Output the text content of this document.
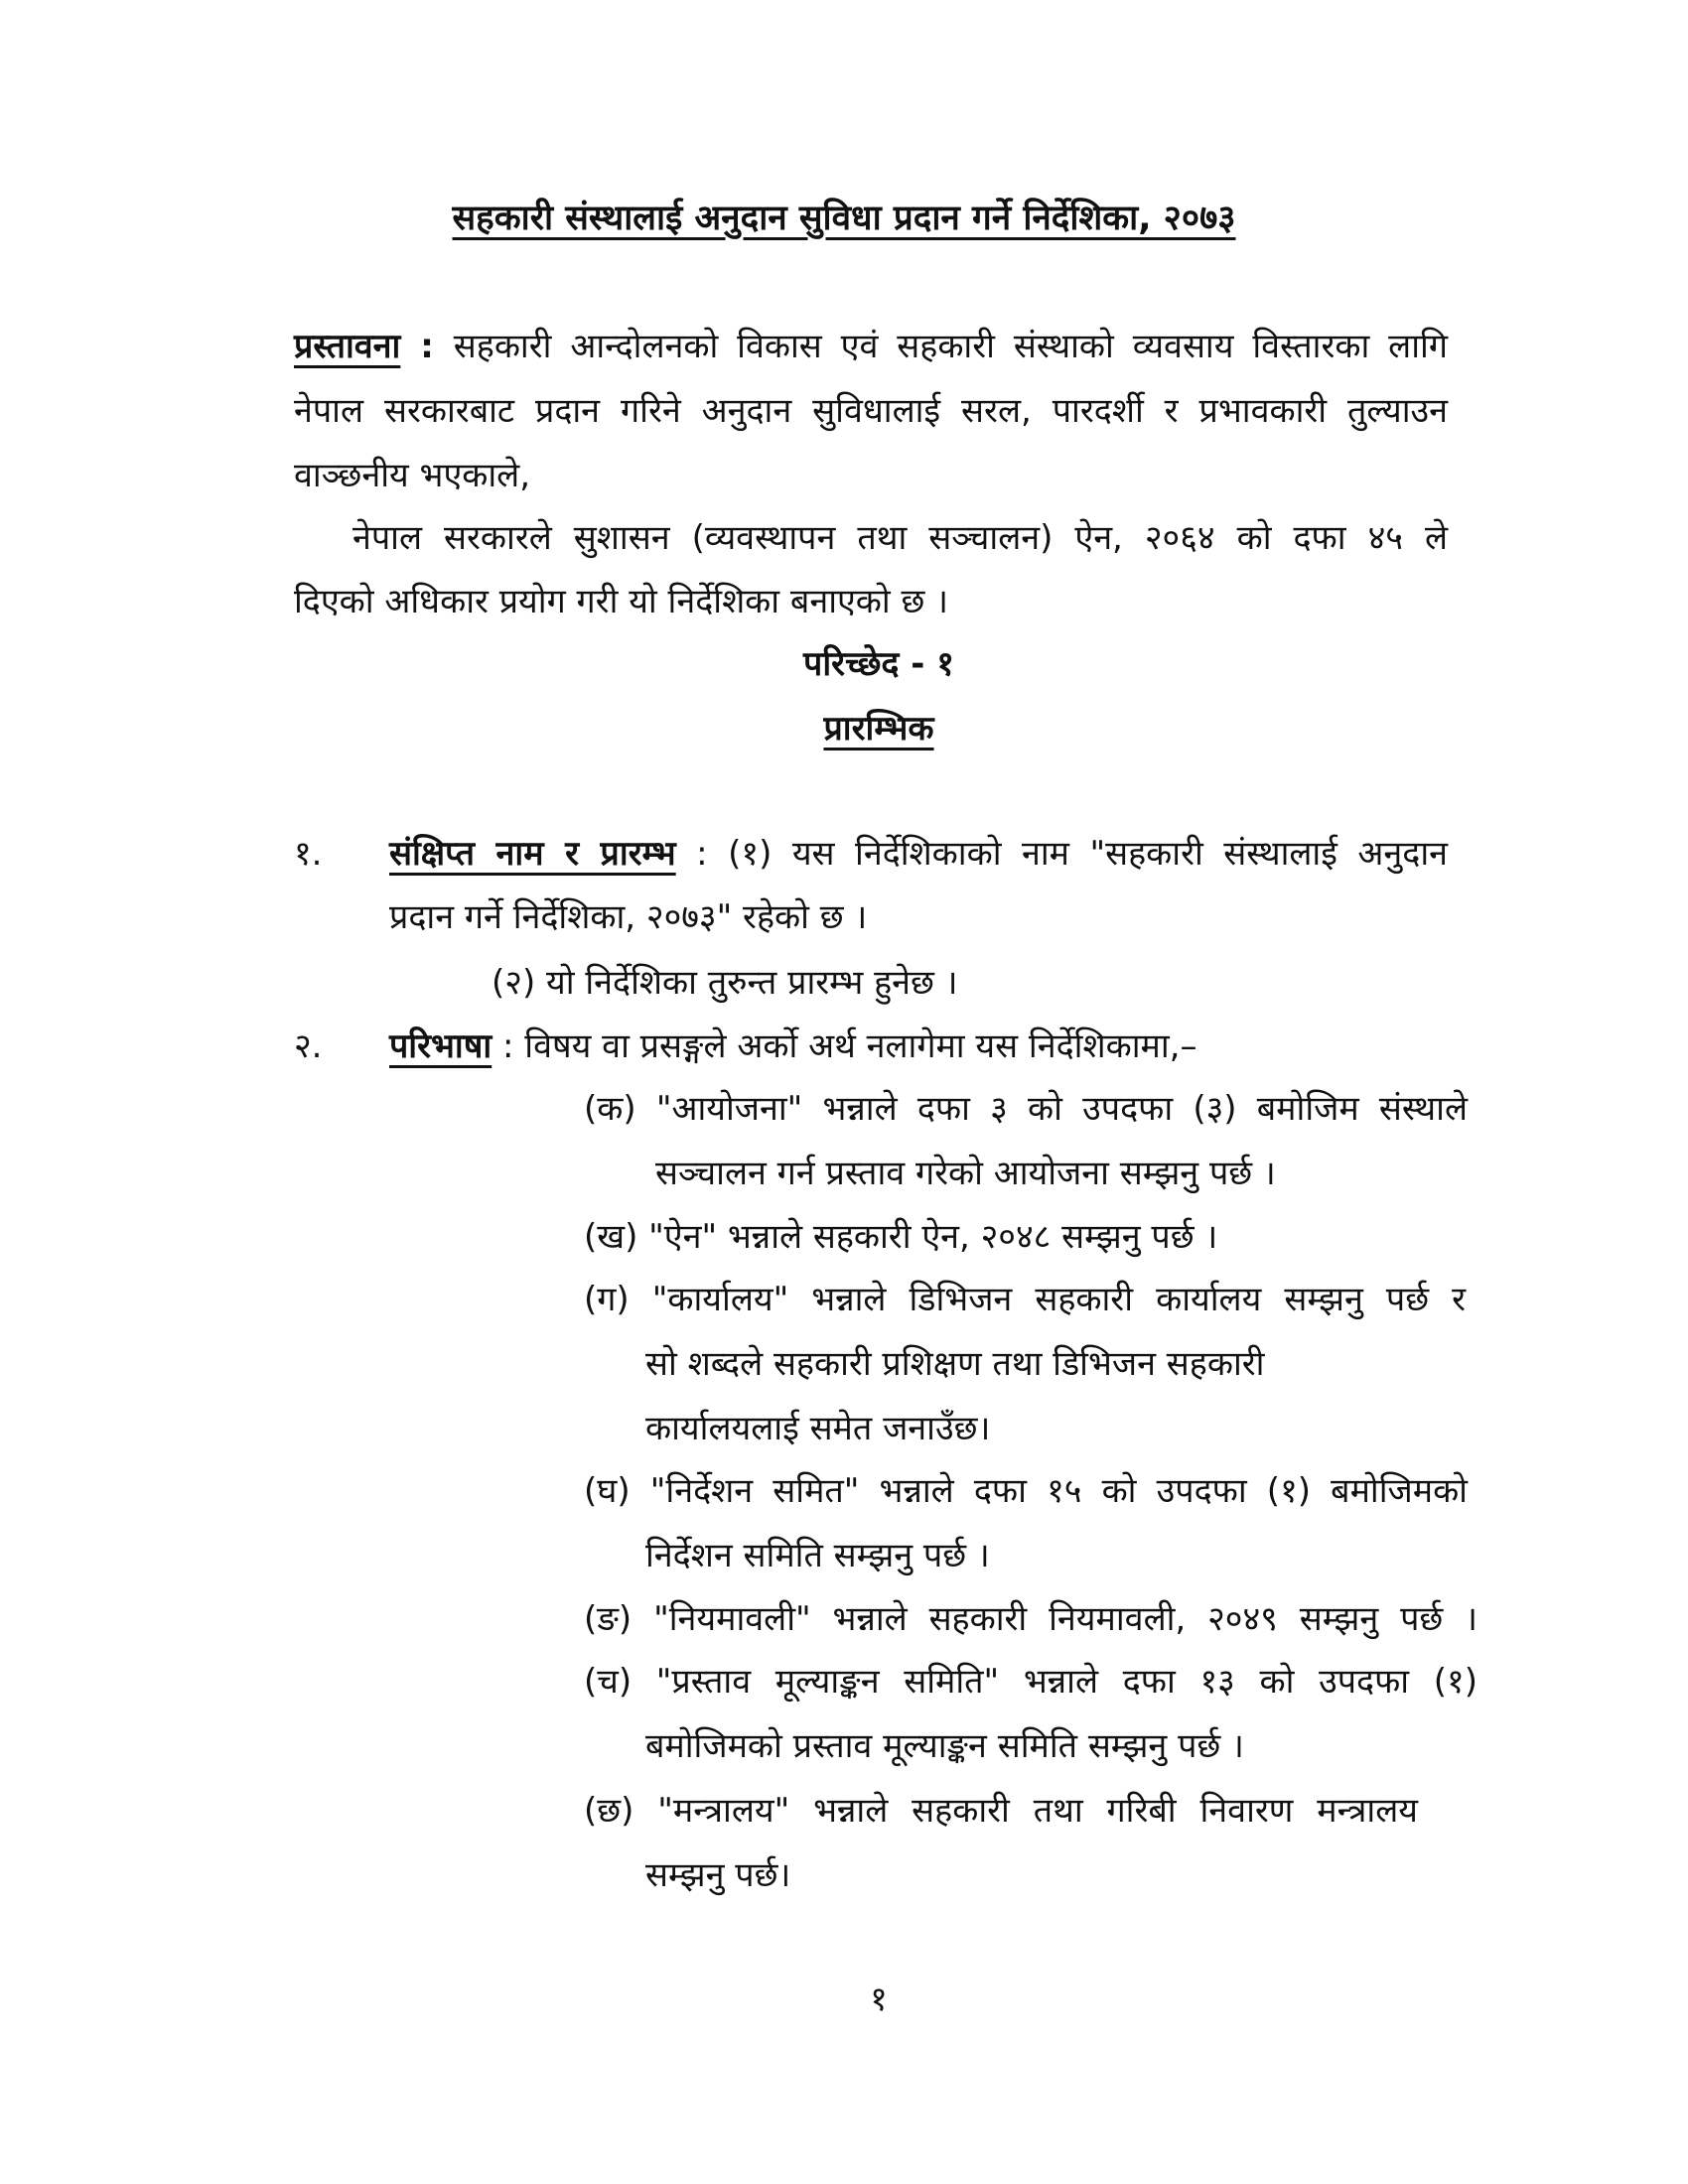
सहकारी संस्थालाई अनुदान सुविधा प्रदान गर्ने निर्देशिका, २०७३
प्रस्तावना : सहकारी आन्दोलनको विकास एवं सहकारी संस्थाको व्यवसाय विस्तारका लागि
नेपाल सरकारबाट प्रदान गरिने अनुदान सुविधालाई सरल, पारदर्शी र प्रभावकारी तुल्याउन
वाञ्छनीय भएकाले,
नेपाल सरकारले सुशासन (व्यवस्थापन तथा सञ्चालन) ऐन, २०६४ को दफा ४५ ले
दिएको अधिकार प्रयोग गरी यो निर्देशिका बनाएको छ ।
परिच्छेद - १
प्रारम्भिक
१. संक्षिप्त नाम र प्रारम्भ : (१) यस निर्देशिकाको नाम "सहकारी संस्थालाई अनुदान
प्रदान गर्ने निर्देशिका, २०७३" रहेको छ ।
(२) यो निर्देशिका तुरुन्त प्रारम्भ हुनेछ ।
२. परिभाषा : विषय वा प्रसङ्गले अर्को अर्थ नलागेमा यस निर्देशिकामा,–
(क) "आयोजना" भन्नाले दफा ३ को उपदफा (३) बमोजिम संस्थाले
सञ्चालन गर्न प्रस्ताव गरेको आयोजना सम्झनु पर्छ ।
(ख) "ऐन" भन्नाले सहकारी ऐन, २०४८ सम्झनु पर्छ ।
(ग) "कार्यालय" भन्नाले डिभिजन सहकारी कार्यालय सम्झनु पर्छ र
सो शब्दले सहकारी प्रशिक्षण तथा डिभिजन सहकारी
कार्यालयलाई समेत जनाउँछ।
(घ) "निर्देशन समित" भन्नाले दफा १५ को उपदफा (१) बमोजिमको
निर्देशन समिति सम्झनु पर्छ ।
(ङ) "नियमावली" भन्नाले सहकारी नियमावली, २०४९ सम्झनु पर्छ ।
(च) "प्रस्ताव मूल्याङ्कन समिति" भन्नाले दफा १३ को उपदफा (१)
बमोजिमको प्रस्ताव मूल्याङ्कन समिति सम्झनु पर्छ ।
(छ) "मन्त्रालय" भन्नाले सहकारी तथा गरिबी निवारण मन्त्रालय
सम्झनु पर्छ।
१
